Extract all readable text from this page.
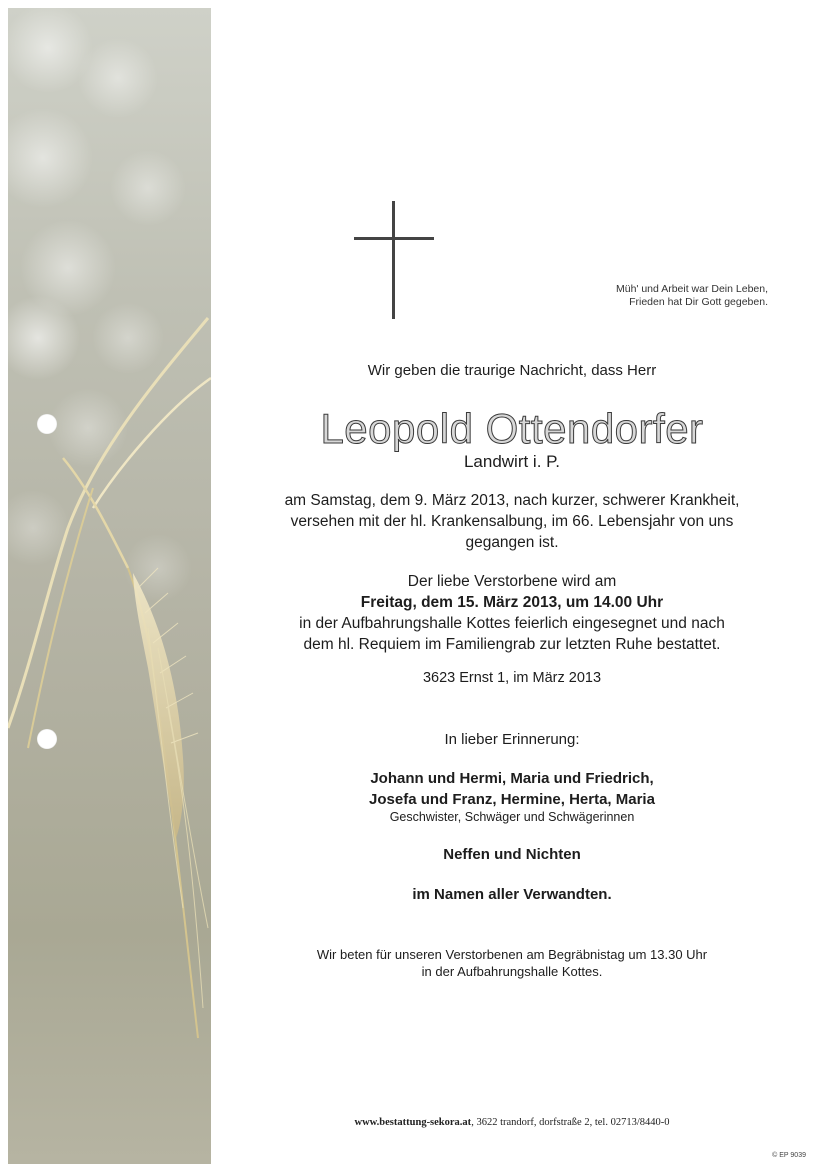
Müh' und Arbeit war Dein Leben,
Frieden hat Dir Gott gegeben.
Wir geben die traurige Nachricht, dass Herr
Leopold Ottendorfer
Landwirt i. P.
am Samstag, dem 9. März 2013, nach kurzer, schwerer Krankheit,
versehen mit der hl. Krankensalbung, im 66. Lebensjahr von uns
gegangen ist.
Der liebe Verstorbene wird am
Freitag, dem 15. März 2013, um 14.00 Uhr
in der Aufbahrungshalle Kottes feierlich eingesegnet und nach
dem hl. Requiem im Familiengrab zur letzten Ruhe bestattet.
3623 Ernst 1, im März 2013
In lieber Erinnerung:
Johann und Hermi, Maria und Friedrich,
Josefa und Franz, Hermine, Herta, Maria
Geschwister, Schwäger und Schwägerinnen
Neffen und Nichten
im Namen aller Verwandten.
Wir beten für unseren Verstorbenen am Begräbnistag um 13.30 Uhr
in der Aufbahrungshalle Kottes.
www.bestattung-sekora.at, 3622 trandorf, dorfstraße 2, tel. 02713/8440-0
© EP 9039
